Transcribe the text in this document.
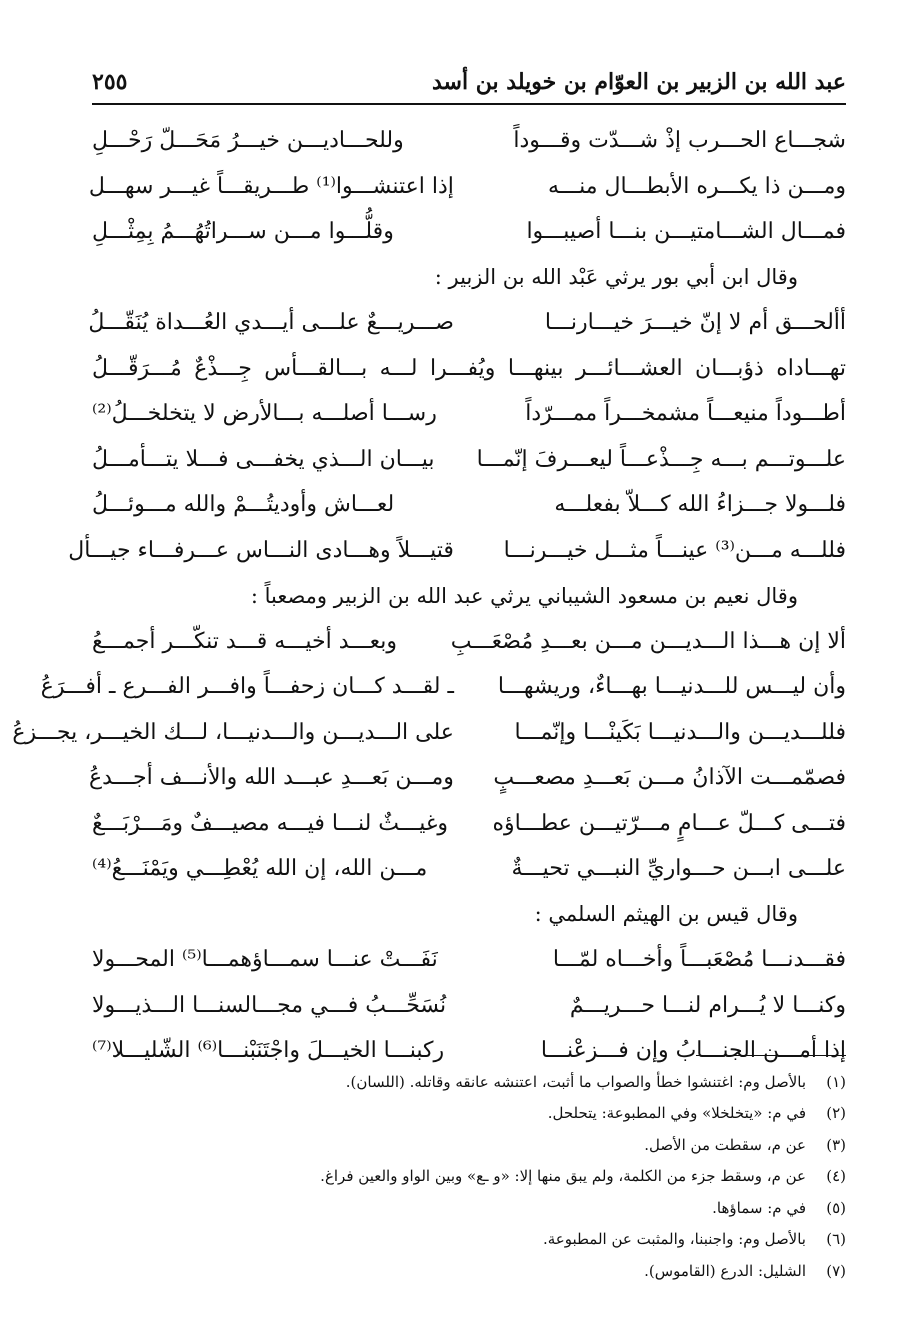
عبد الله بن الزبير بن العوّام بن خويلد بن أسد
٢٥٥
شجـــاع الحـــرب إذْ شـــدّت وقـــوداً
وللحـــاديـــن خيـــرُ مَحَـــلّ رَحْـــلِ
ومـــن ذا يكـــره الأبطـــال منـــه
إذا اعتنشـــوا⁽¹⁾ طـــريقـــاً غيـــر سهـــل
فمـــال الشـــامتيـــن بنـــا أصيبـــوا
وقلُّـــوا مـــن ســـراتُهُـــمُ بِمِثْـــلِ
وقال ابن أبي بور يرثي عَبْد الله بن الزبير :
أألحـــق أم لا إنّ خيـــرَ خيـــارنـــا
صـــريـــعٌ علـــى أيـــدي العُـــداة يُنَقّـــلُ
تهـــاداه ذؤبـــان العشـــائـــر بينهـــا ويُفـــرا لـــه بـــالقـــأس جِـــذْعٌ مُـــرَقّـــلُ
أطـــوداً منيعـــاً مشمخـــراً ممـــرّداً
رســـا أصلـــه بـــالأرض لا يتخلخـــلُ⁽²⁾
علـــوتـــم بـــه جِـــذْعـــاً ليعـــرفَ إنّمـــا
بيـــان الـــذي يخفـــى فـــلا يتـــأمـــلُ
فلـــولا جـــزاءُ الله كـــلاّ بفعلـــه
لعـــاش وأوديتُـــمْ والله مـــوئـــلُ
فللـــه مـــن⁽³⁾ عينـــاً مثـــل خيـــرنـــا
قتيـــلاً وهـــادى النـــاس عـــرفـــاء جيـــأل
وقال نعيم بن مسعود الشيباني يرثي عبد الله بن الزبير ومصعباً :
ألا إن هـــذا الـــديـــن مـــن بعـــدِ مُصْعَـــبِ
وبعـــد أخيـــه قـــد تنكّـــر أجمـــعُ
وأن ليـــس للـــدنيـــا بهـــاءٌ، وريشهـــا
ـ لقـــد كـــان زحفـــاً وافـــر الفـــرع ـ أفـــرَعُ
فللـــديـــن والـــدنيـــا بَكَينْـــا وإنّمـــا
على الـــديـــن والـــدنيـــا، لـــك الخيـــر، يجـــزعُ
فصمّمـــت الآذانُ مـــن بَعـــدِ مصعـــبٍ
ومـــن بَعـــدِ عبـــد الله والأنـــف أجـــدعُ
فتـــى كـــلّ عـــامٍ مـــرّتيـــن عطـــاؤه
وغيـــثٌ لنـــا فيـــه مصيـــفٌ ومَـــرْبَـــعٌ
علـــى ابـــن حـــواريِّ النبـــي تحيـــةٌ
مـــن الله، إن الله يُعْطِـــي ويَمْنَـــعُ⁽⁴⁾
وقال قيس بن الهيثم السلمي :
فقـــدنـــا مُصْعَبـــاً وأخـــاه لمّـــا
نَفَـــتْ عنـــا سمـــاؤهمـــا⁽⁵⁾ المحـــولا
وكنـــا لا يُـــرام لنـــا حـــريـــمٌ
نُسَحِّـــبُ فـــي مجـــالسنـــا الـــذيـــولا
إذا أمـــن الجنـــابُ وإن فـــزعْنـــا
ركبنـــا الخيـــلَ واجْتَنَبْنـــا⁽⁶⁾ الشّليـــلا⁽⁷⁾
(١)
بالأصل وم: اغتنشوا خطأ والصواب ما أثبت، اعتنشه عانقه وقاتله. (اللسان).
(٢)
في م: «يتخلخلا» وفي المطبوعة: يتحلحل.
(٣)
عن م، سقطت من الأصل.
(٤)
عن م، وسقط جزء من الكلمة، ولم يبق منها إلا: «و ـع» وبين الواو والعين فراغ.
(٥)
في م: سماؤها.
(٦)
بالأصل وم: واجنبنا، والمثبت عن المطبوعة.
(٧)
الشليل: الدرع (القاموس).
